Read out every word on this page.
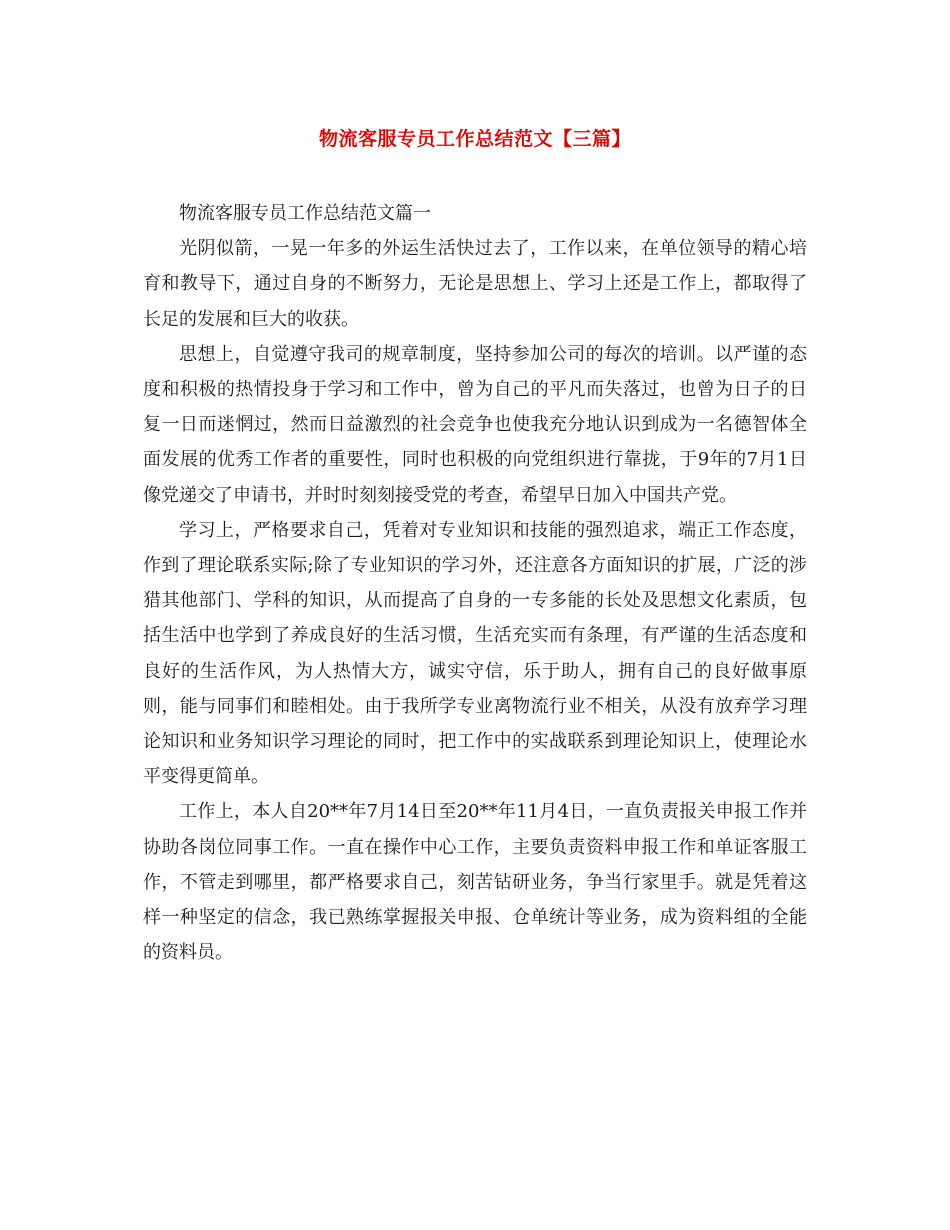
物流客服专员工作总结范文【三篇】

物流客服专员工作总结范文篇一

光阴似箭，一晃一年多的外运生活快过去了，工作以来，在单位领导的精心培育和教导下，通过自身的不断努力，无论是思想上、学习上还是工作上，都取得了长足的发展和巨大的收获。

思想上，自觉遵守我司的规章制度，坚持参加公司的每次的培训。以严谨的态度和积极的热情投身于学习和工作中，曾为自己的平凡而失落过，也曾为日子的日复一日而迷惘过，然而日益激烈的社会竞争也使我充分地认识到成为一名德智体全面发展的优秀工作者的重要性，同时也积极的向党组织进行靠拢，于9年的7月1日像党递交了申请书，并时时刻刻接受党的考查，希望早日加入中国共产党。

学习上，严格要求自己，凭着对专业知识和技能的强烈追求，端正工作态度，作到了理论联系实际;除了专业知识的学习外，还注意各方面知识的扩展，广泛的涉猎其他部门、学科的知识，从而提高了自身的一专多能的长处及思想文化素质，包括生活中也学到了养成良好的生活习惯，生活充实而有条理，有严谨的生活态度和良好的生活作风，为人热情大方，诚实守信，乐于助人，拥有自己的良好做事原则，能与同事们和睦相处。由于我所学专业离物流行业不相关，从没有放弃学习理论知识和业务知识学习理论的同时，把工作中的实战联系到理论知识上，使理论水平变得更简单。

工作上，本人自20**年7月14日至20**年11月4日，一直负责报关申报工作并协助各岗位同事工作。一直在操作中心工作，主要负责资料申报工作和单证客服工作，不管走到哪里，都严格要求自己，刻苦钻研业务，争当行家里手。就是凭着这样一种坚定的信念，我已熟练掌握报关申报、仓单统计等业务，成为资料组的全能的资料员。
